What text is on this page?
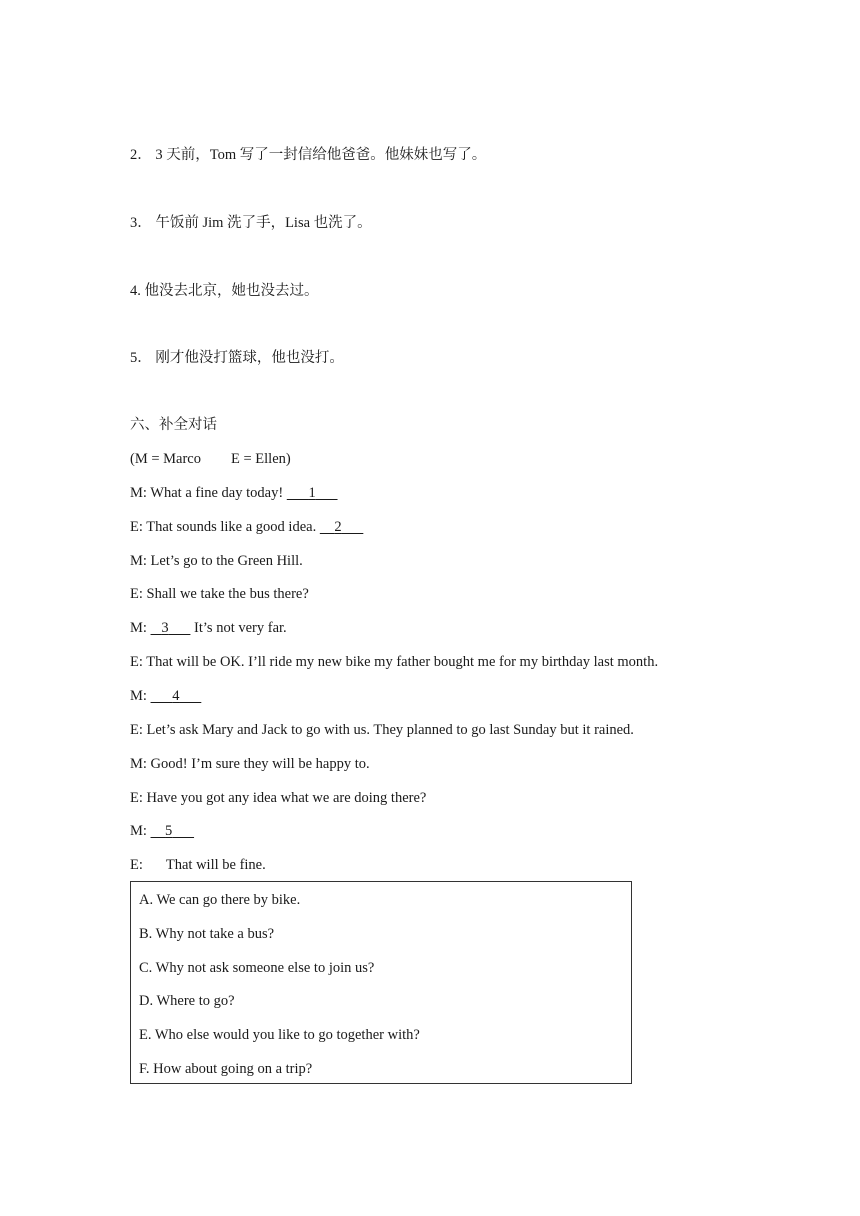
2． 3 天前，Tom 写了一封信给他爸爸。他妹妹也写了。
3． 午饭前 Jim 洗了手，Lisa 也洗了。
4. 他没去北京，她也没去过。
5． 刚才他没打篮球，他也没打。
六、补全对话
(M = Marco E = Ellen)
M: What a fine day today! 1
E: That sounds like a good idea. 2
M: Let’s go to the Green Hill.
E: Shall we take the bus there?
M: 3 It’s not very far.
E: That will be OK. I’ll ride my new bike my father bought me for my birthday last month.
M: 4
E: Let’s ask Mary and Jack to go with us. They planned to go last Sunday but it rained.
M: Good! I’m sure they will be happy to.
E: Have you got any idea what we are doing there?
M: 5
E: That will be fine.
A. We can go there by bike.
B. Why not take a bus?
C. Why not ask someone else to join us?
D. Where to go?
E. Who else would you like to go together with?
F. How about going on a trip?
